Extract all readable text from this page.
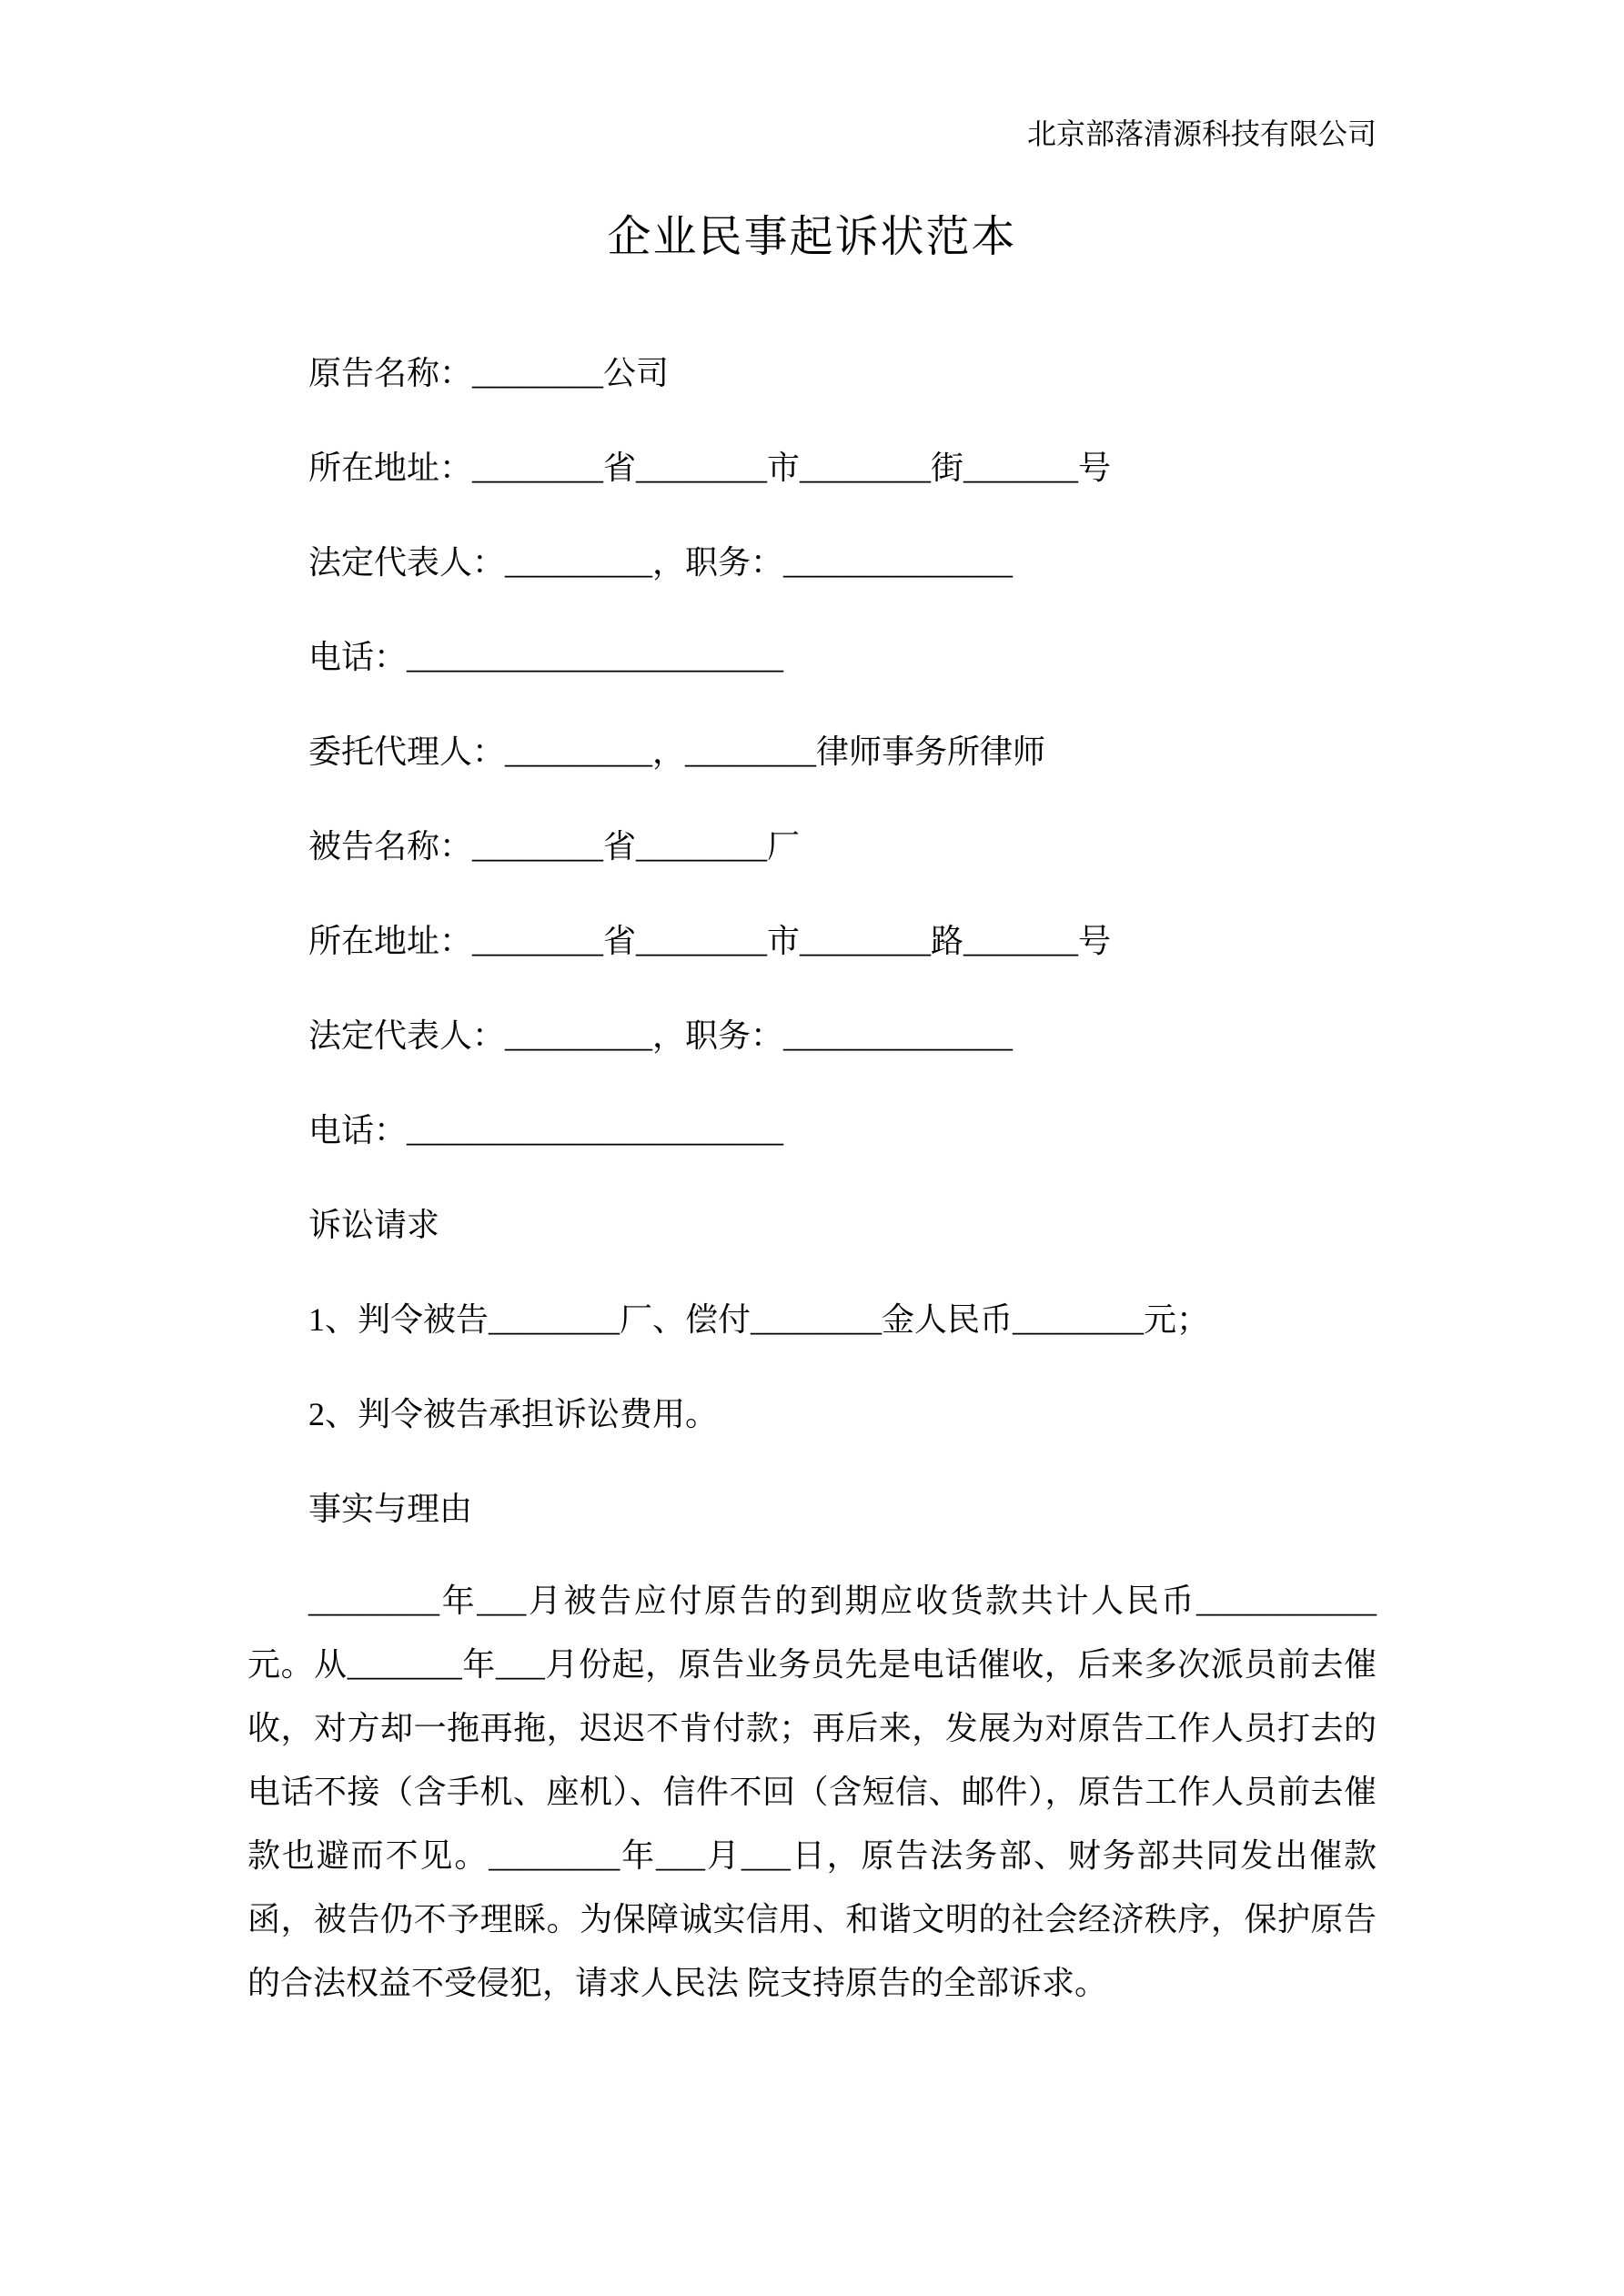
北京部落清源科技有限公司
企业民事起诉状范本
原告名称：________公司
所在地址：________省________市________街_______号
法定代表人：_________，职务：______________
电话：_______________________
委托代理人：_________，________律师事务所律师
被告名称：________省________厂
所在地址：________省________市________路_______号
法定代表人：_________，职务：______________
电话：_______________________
诉讼请求
1、判令被告________厂、偿付________金人民币________元；
2、判令被告承担诉讼费用。
事实与理由

________年___月被告应付原告的到期应收货款共计人民币___________元。从_______年___月份起，原告业务员先是电话催收，后来多次派员前去催收，对方却一拖再拖，迟迟不肯付款；再后来，发展为对原告工作人员打去的电话不接（含手机、座机）、信件不回（含短信、邮件），原告工作人员前去催款也避而不见。________年___月___日，原告法务部、财务部共同发出催款函，被告仍不予理睬。为保障诚实信用、和谐文明的社会经济秩序，保护原告的合法权益不受侵犯，请求人民法 院支持原告的全部诉求。
